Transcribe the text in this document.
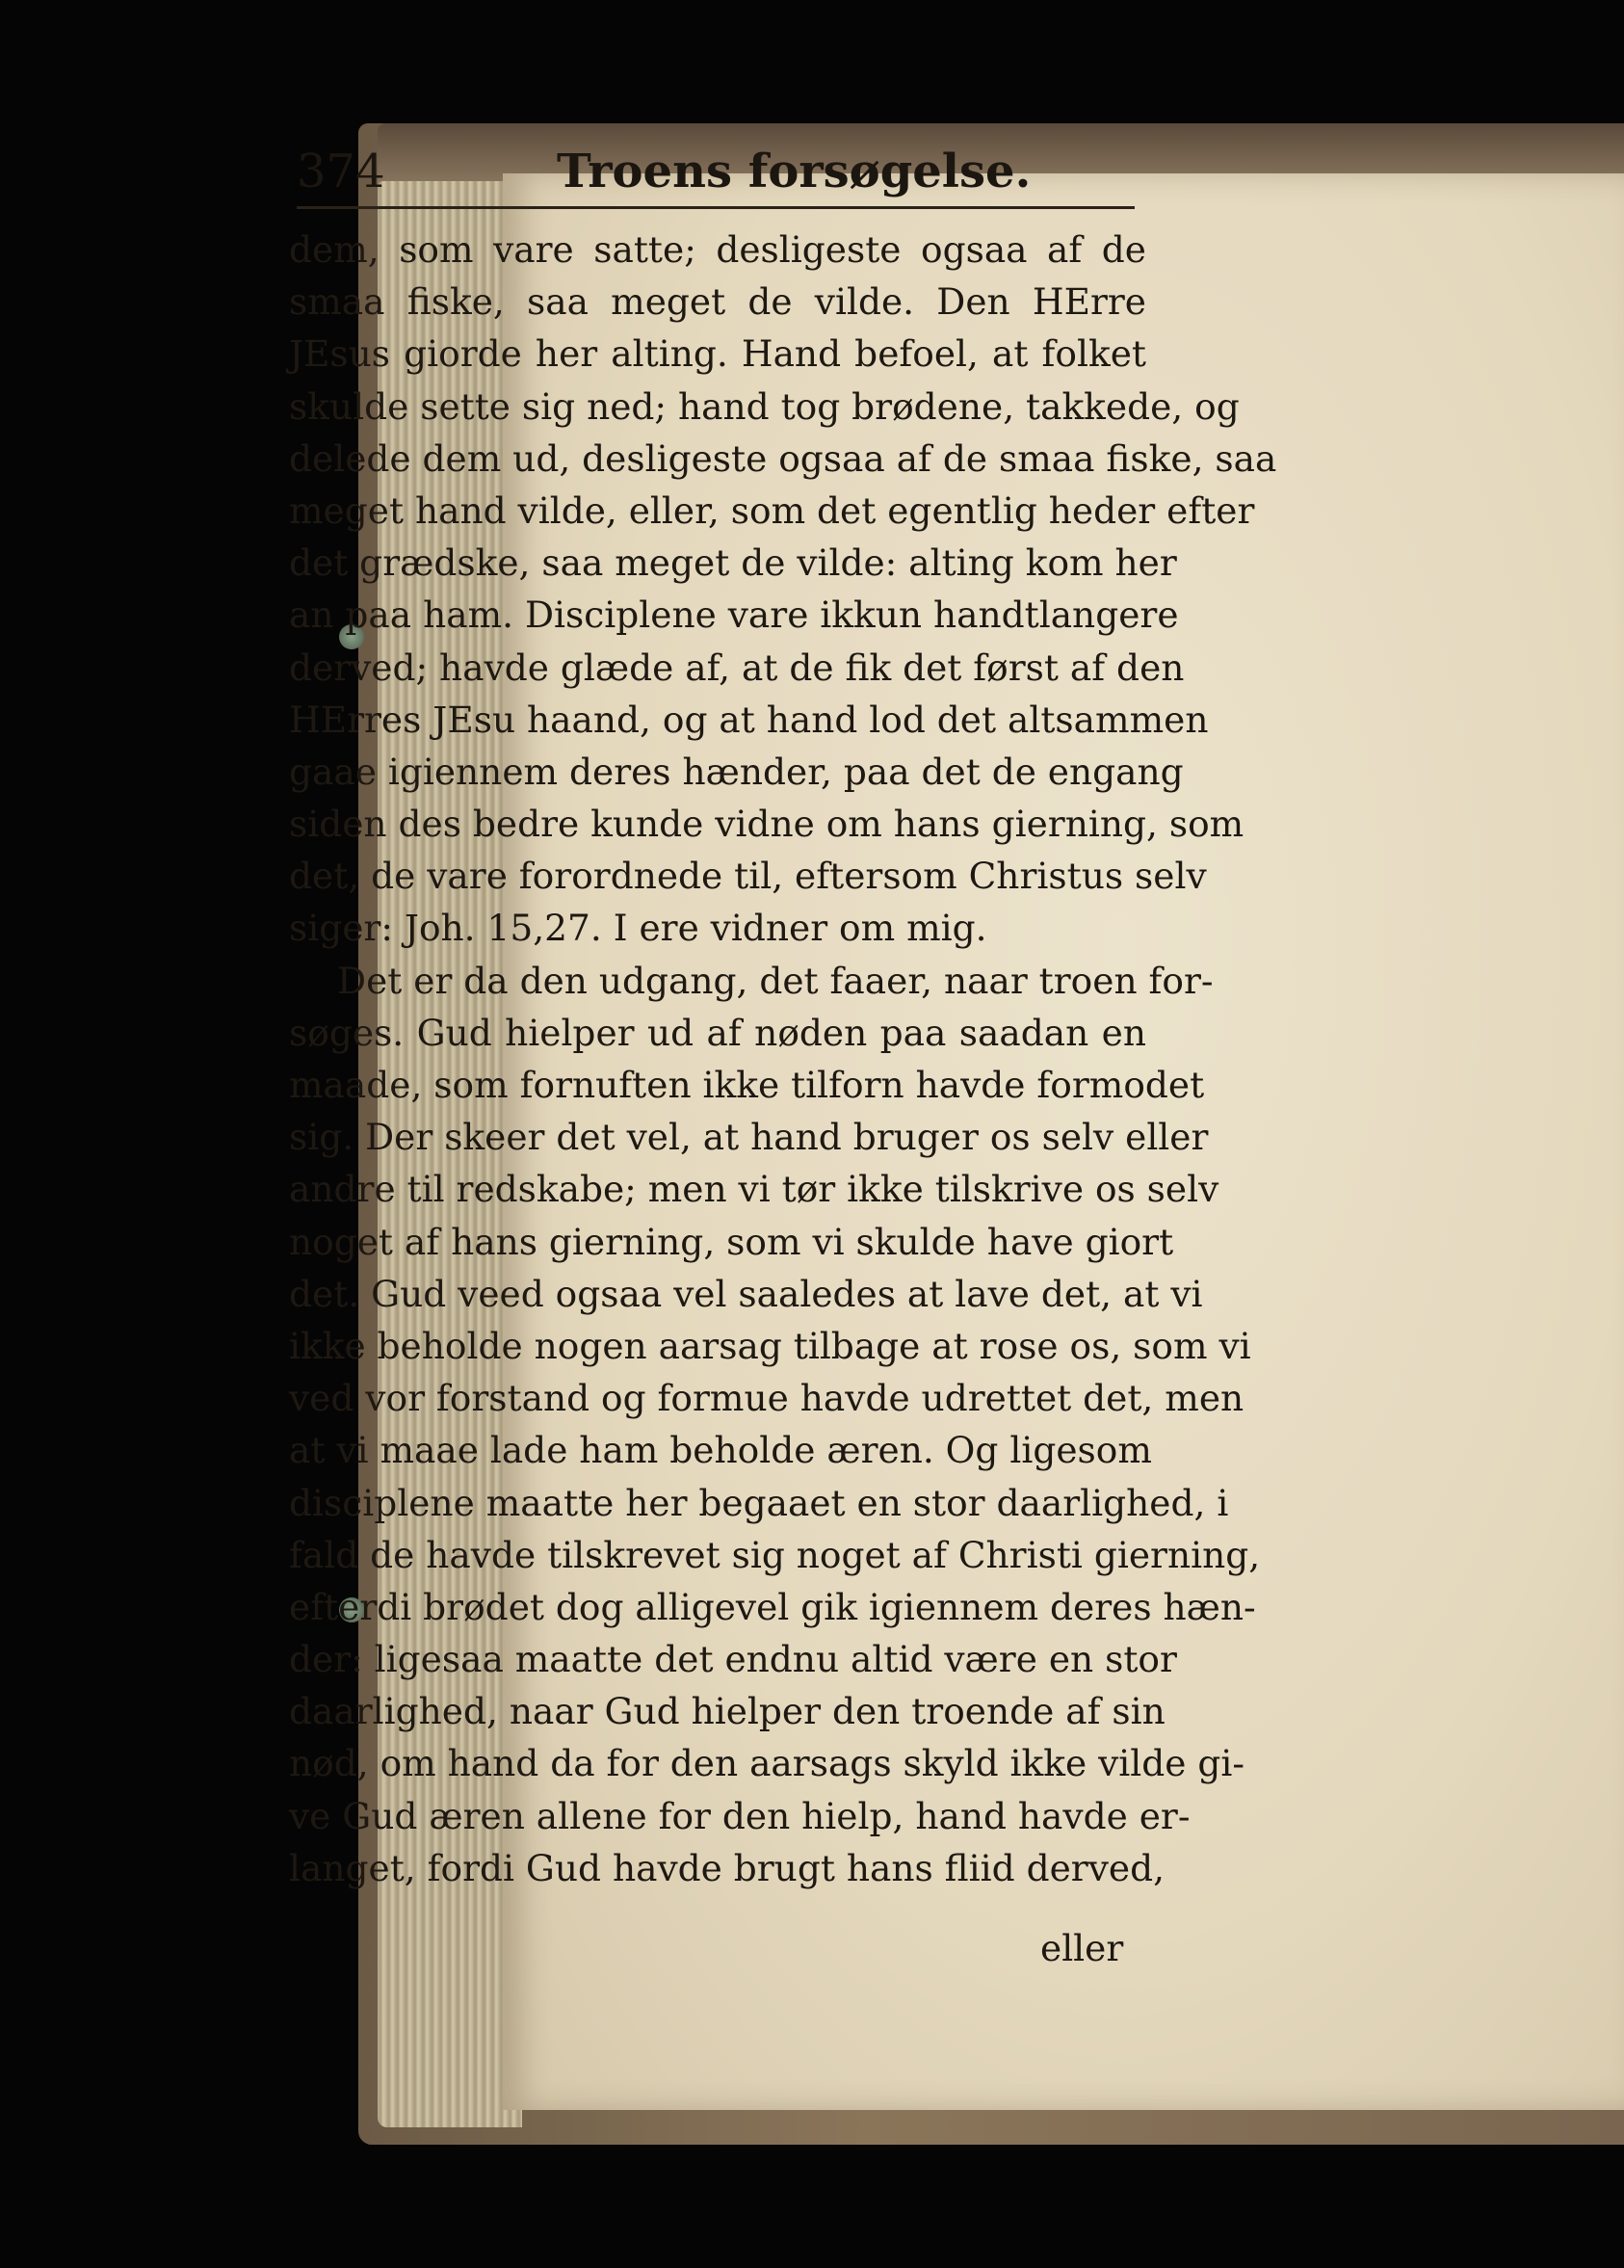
374	Troens forsøgelse.
dem, som vare satte; desligeste ogsaa af de
smaa fiske, saa meget de vilde. Den HErre
JEsus giorde her alting. Hand befoel, at folket
skulde sette sig ned; hand tog brødene, takkede, og
delede dem ud, desligeste ogsaa af de smaa fiske, saa
meget hand vilde, eller, som det egentlig heder efter
det grædske, saa meget de vilde: alting kom her
an paa ham. Disciplene vare ikkun handtlangere
derved; havde glæde af, at de fik det først af den
HErres JEsu haand, og at hand lod det altsammen
gaae igiennem deres hænder, paa det de engang
siden des bedre kunde vidne om hans gierning, som
det, de vare forordnede til, eftersom Christus selv
siger: Joh. 15,27. I ere vidner om mig.
Det er da den udgang, det faaer, naar troen for-
søges. Gud hielper ud af nøden paa saadan en
maade, som fornuften ikke tilforn havde formodet
sig. Der skeer det vel, at hand bruger os selv eller
andre til redskabe; men vi tør ikke tilskrive os selv
noget af hans gierning, som vi skulde have giort
det. Gud veed ogsaa vel saaledes at lave det, at vi
ikke beholde nogen aarsag tilbage at rose os, som vi
ved vor forstand og formue havde udrettet det, men
at vi maae lade ham beholde æren. Og ligesom
disciplene maatte her begaaet en stor daarlighed, i
fald de havde tilskrevet sig noget af Christi gierning,
efterdi brødet dog alligevel gik igiennem deres hæn-
der: ligesaa maatte det endnu altid være en stor
daarlighed, naar Gud hielper den troende af sin
nød, om hand da for den aarsags skyld ikke vilde gi-
ve Gud æren allene for den hielp, hand havde er-
langet, fordi Gud havde brugt hans fliid derved,
eller
